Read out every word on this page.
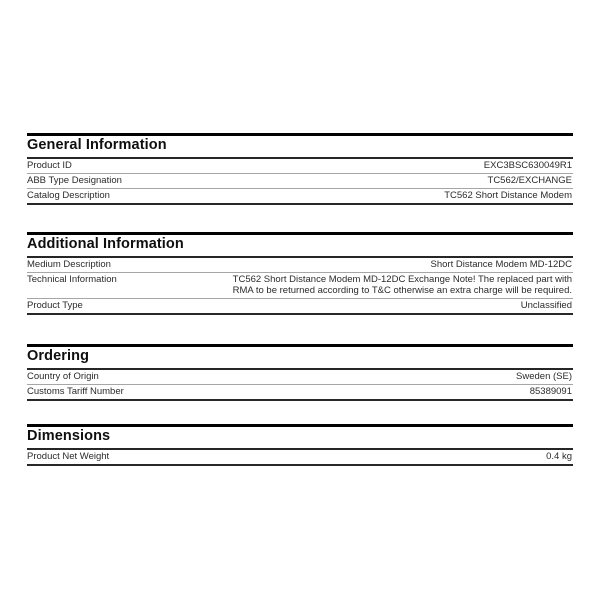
General Information
Product ID	EXC3BSC630049R1
ABB Type Designation	TC562/EXCHANGE
Catalog Description	TC562 Short Distance Modem
Additional Information
Medium Description	Short Distance Modem MD-12DC
Technical Information	TC562 Short Distance Modem MD-12DC Exchange Note! The replaced part with RMA to be returned according to T&C otherwise an extra charge will be required.
Product Type	Unclassified
Ordering
Country of Origin	Sweden (SE)
Customs Tariff Number	85389091
Dimensions
Product Net Weight	0.4 kg
